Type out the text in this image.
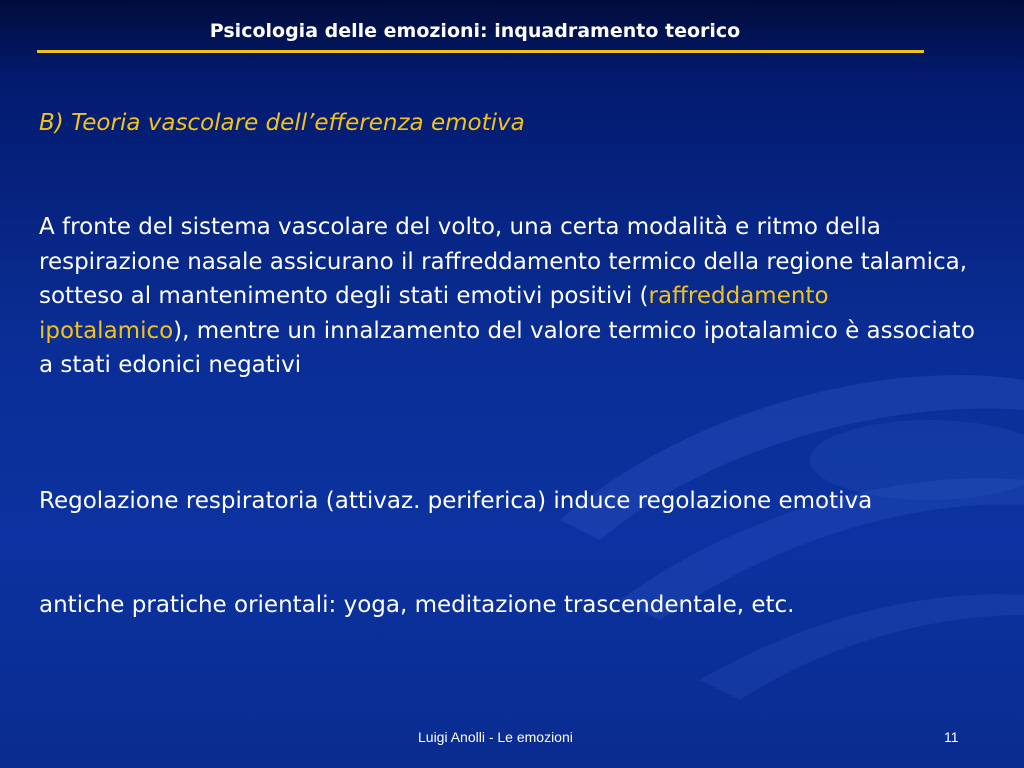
Psicologia delle emozioni: inquadramento teorico
B) Teoria vascolare dell’efferenza emotiva
A fronte del sistema vascolare del volto, una certa modalità e ritmo della respirazione nasale assicurano il raffreddamento termico della regione talamica, sotteso al mantenimento degli stati emotivi positivi (raffreddamento ipotalamico), mentre un innalzamento del valore termico ipotalamico è associato a stati edonici negativi
Regolazione respiratoria (attivaz. periferica) induce regolazione emotiva
antiche pratiche orientali: yoga, meditazione trascendentale, etc.
Luigi Anolli - Le emozioni	11
